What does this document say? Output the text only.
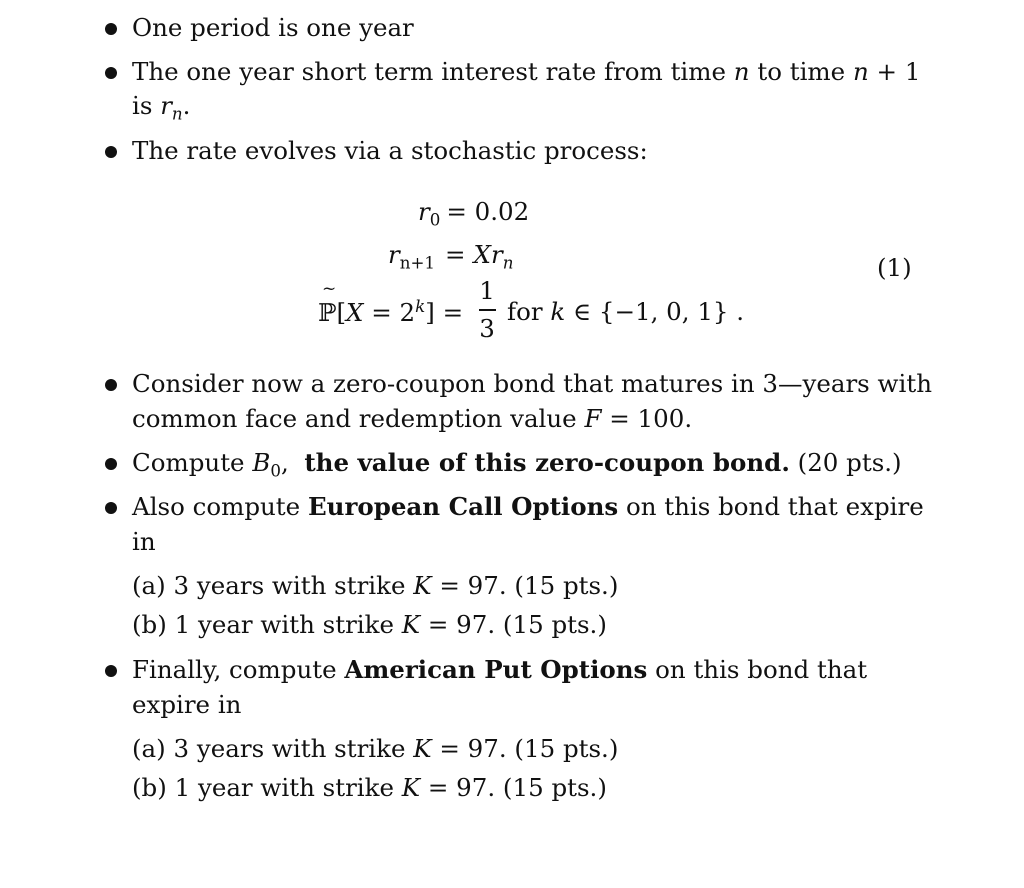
One period is one year
The one year short term interest rate from time n to time n + 1
is $r_n$.
The rate evolves via a stochastic process:
$r_0 = 0.02$
$r_{n+1} = Xr_n$	(1)
~
ℙ[X = $2^k$] =
1
3
for k ∈ {−1, 0, 1} .
Consider now a zero-coupon bond that matures in 3—years with
common face and redemption value F = 100.
Compute $B_0$, the value of this zero-coupon bond. (20 pts.)
Also compute European Call Options on this bond that expire
in
(a) 3 years with strike K = 97. (15 pts.)
(b) 1 year with strike K = 97. (15 pts.)
Finally, compute American Put Options on this bond that
expire in
(a) 3 years with strike K = 97. (15 pts.)
(b) 1 year with strike K = 97. (15 pts.)
